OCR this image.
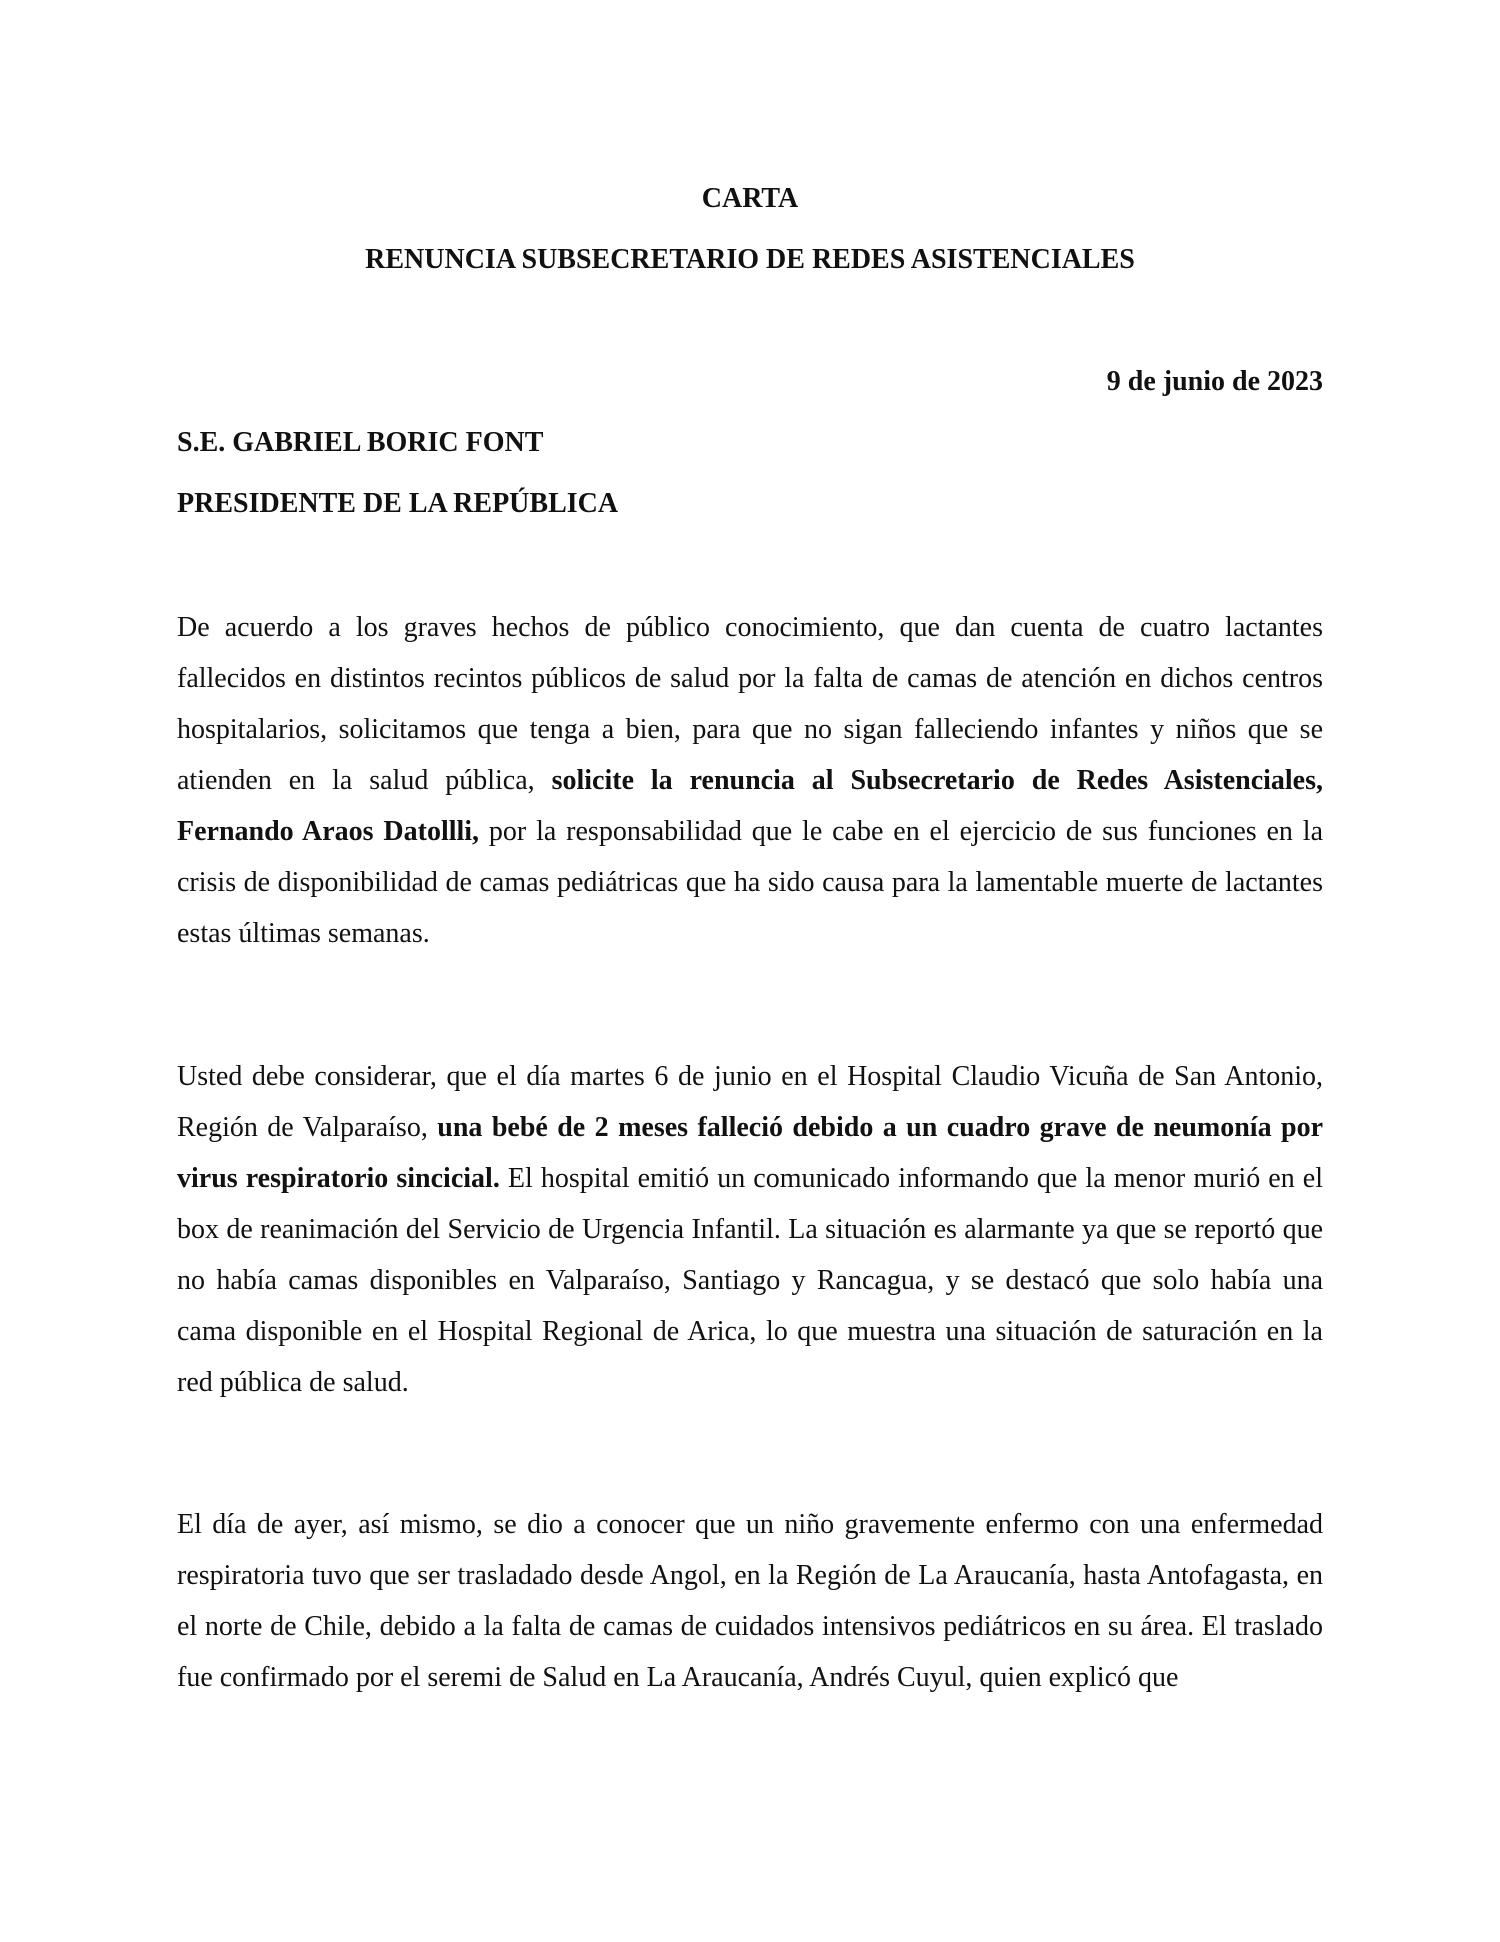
CARTA

RENUNCIA SUBSECRETARIO DE REDES ASISTENCIALES

9 de junio de 2023

S.E. GABRIEL BORIC FONT

PRESIDENTE DE LA REPÚBLICA

De acuerdo a los graves hechos de público conocimiento, que dan cuenta de cuatro lactantes fallecidos en distintos recintos públicos de salud por la falta de camas de atención en dichos centros hospitalarios, solicitamos que tenga a bien, para que no sigan falleciendo infantes y niños que se atienden en la salud pública, solicite la renuncia al Subsecretario de Redes Asistenciales, Fernando Araos Datollli, por la responsabilidad que le cabe en el ejercicio de sus funciones en la crisis de disponibilidad de camas pediátricas que ha sido causa para la lamentable muerte de lactantes estas últimas semanas.

Usted debe considerar, que el día martes 6 de junio en el Hospital Claudio Vicuña de San Antonio, Región de Valparaíso, una bebé de 2 meses falleció debido a un cuadro grave de neumonía por virus respiratorio sincicial. El hospital emitió un comunicado informando que la menor murió en el box de reanimación del Servicio de Urgencia Infantil. La situación es alarmante ya que se reportó que no había camas disponibles en Valparaíso, Santiago y Rancagua, y se destacó que solo había una cama disponible en el Hospital Regional de Arica, lo que muestra una situación de saturación en la red pública de salud.

El día de ayer, así mismo, se dio a conocer que un niño gravemente enfermo con una enfermedad respiratoria tuvo que ser trasladado desde Angol, en la Región de La Araucanía, hasta Antofagasta, en el norte de Chile, debido a la falta de camas de cuidados intensivos pediátricos en su área. El traslado fue confirmado por el seremi de Salud en La Araucanía, Andrés Cuyul, quien explicó que
